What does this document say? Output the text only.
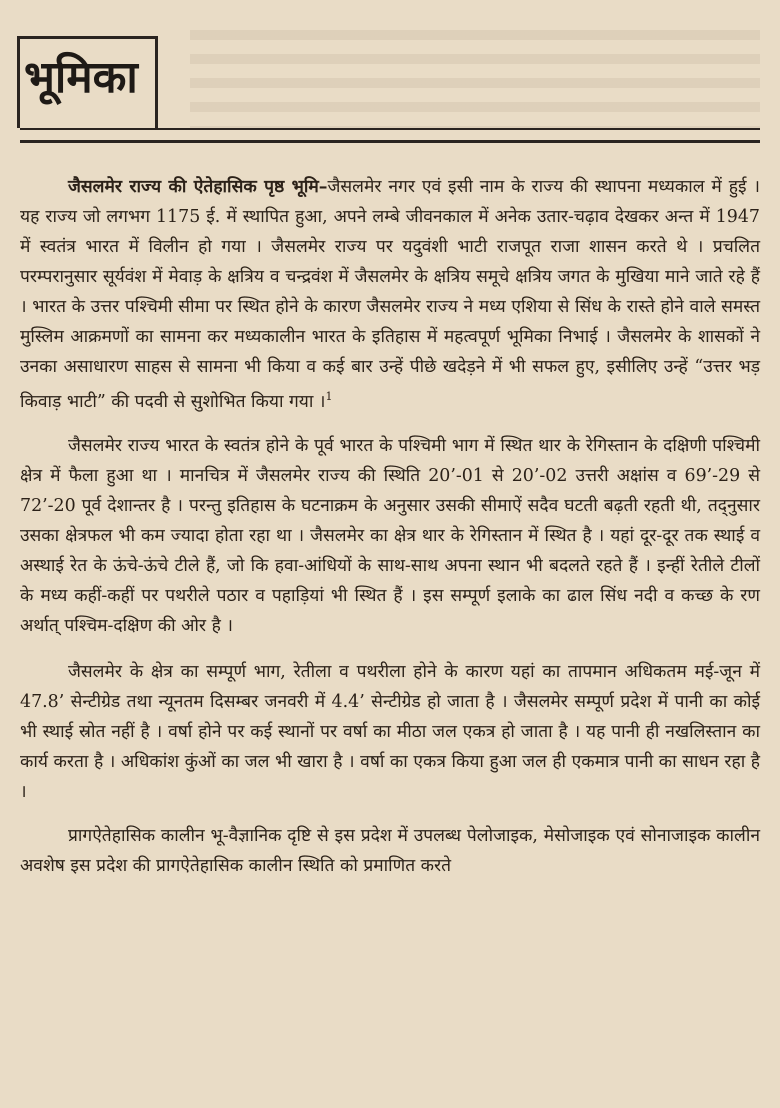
भूमिका

जैसलमेर राज्य की ऐतेहासिक पृष्ठ भूमि–जैसलमेर नगर एवं इसी नाम के राज्य की स्थापना मध्यकाल में हुई । यह राज्य जो लगभग 1175 ई. में स्थापित हुआ, अपने लम्बे जीवनकाल में अनेक उतार-चढ़ाव देखकर अन्त में 1947 में स्वतंत्र भारत में विलीन हो गया । जैसलमेर राज्य पर यदुवंशी भाटी राजपूत राजा शासन करते थे । प्रचलित परम्परानुसार सूर्यवंश में मेवाड़ के क्षत्रिय व चन्द्रवंश में जैसलमेर के क्षत्रिय समूचे क्षत्रिय जगत के मुखिया माने जाते रहे हैं । भारत के उत्तर पश्चिमी सीमा पर स्थित होने के कारण जैसलमेर राज्य ने मध्य एशिया से सिंध के रास्ते होने वाले समस्त मुस्लिम आक्रमणों का सामना कर मध्यकालीन भारत के इतिहास में महत्वपूर्ण भूमिका निभाई । जैसलमेर के शासकों ने उनका असाधारण साहस से सामना भी किया व कई बार उन्हें पीछे खदेड़ने में भी सफल हुए, इसीलिए उन्हें “उत्तर भड़ किवाड़ भाटी” की पदवी से सुशोभित किया गया ।$^1$

जैसलमेर राज्य भारत के स्वतंत्र होने के पूर्व भारत के पश्चिमी भाग में स्थित थार के रेगिस्तान के दक्षिणी पश्चिमी क्षेत्र में फैला हुआ था । मानचित्र में जैसलमेर राज्य की स्थिति 20’-01 से 20’-02 उत्तरी अक्षांस व 69’-29 से 72’-20 पूर्व देशान्तर है । परन्तु इतिहास के घटनाक्रम के अनुसार उसकी सीमाऐं सदैव घटती बढ़ती रहती थी, तद्नुसार उसका क्षेत्रफल भी कम ज्यादा होता रहा था । जैसलमेर का क्षेत्र थार के रेगिस्तान में स्थित है । यहां दूर-दूर तक स्थाई व अस्थाई रेत के ऊंचे-ऊंचे टीले हैं, जो कि हवा-आंधियों के साथ-साथ अपना स्थान भी बदलते रहते हैं । इन्हीं रेतीले टीलों के मध्य कहीं-कहीं पर पथरीले पठार व पहाड़ियां भी स्थित हैं । इस सम्पूर्ण इलाके का ढाल सिंध नदी व कच्छ के रण अर्थात् पश्चिम-दक्षिण की ओर है ।

जैसलमेर के क्षेत्र का सम्पूर्ण भाग, रेतीला व पथरीला होने के कारण यहां का तापमान अधिकतम मई-जून में 47.8’ सेन्टीग्रेड तथा न्यूनतम दिसम्बर जनवरी में 4.4’ सेन्टीग्रेड हो जाता है । जैसलमेर सम्पूर्ण प्रदेश में पानी का कोई भी स्थाई स्रोत नहीं है । वर्षा होने पर कई स्थानों पर वर्षा का मीठा जल एकत्र हो जाता है । यह पानी ही नखलिस्तान का कार्य करता है । अधिकांश कुंओं का जल भी खारा है । वर्षा का एकत्र किया हुआ जल ही एकमात्र पानी का साधन रहा है ।

प्रागऐतेहासिक कालीन भू-वैज्ञानिक दृष्टि से इस प्रदेश में उपलब्ध पेलोजाइक, मेसोजाइक एवं सोनाजाइक कालीन अवशेष इस प्रदेश की प्रागऐतेहासिक कालीन स्थिति को प्रमाणित करते
